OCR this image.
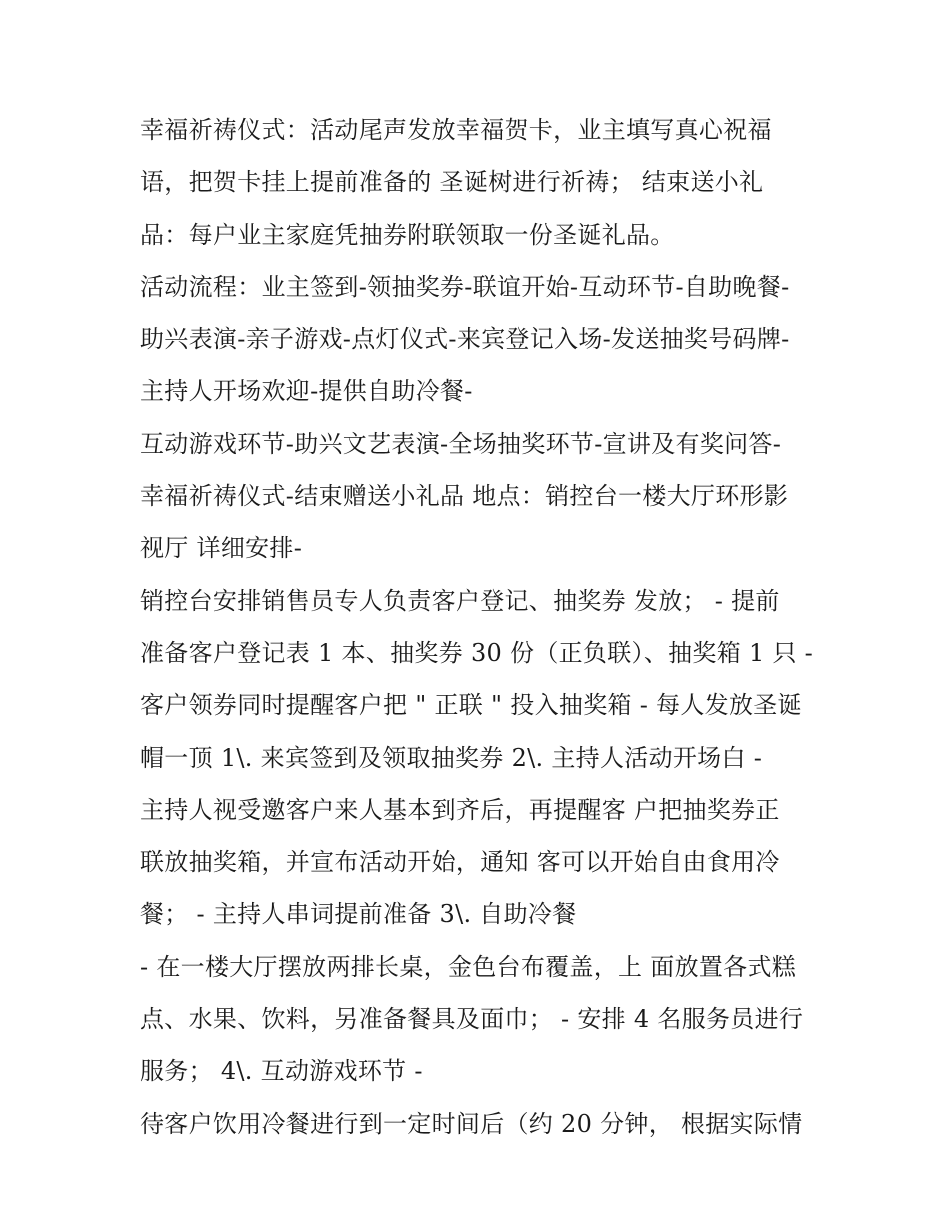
幸福祈祷仪式：活动尾声发放幸福贺卡，业主填写真心祝福
语，把贺卡挂上提前准备的 圣诞树进行祈祷； 结束送小礼
品：每户业主家庭凭抽券附联领取一份圣诞礼品。
活动流程：业主签到-领抽奖券-联谊开始-互动环节-自助晚餐-
助兴表演-亲子游戏-点灯仪式-来宾登记入场-发送抽奖号码牌-
主持人开场欢迎-提供自助冷餐-
互动游戏环节-助兴文艺表演-全场抽奖环节-宣讲及有奖问答-
幸福祈祷仪式-结束赠送小礼品 地点：销控台一楼大厅环形影
视厅 详细安排-
销控台安排销售员专人负责客户登记、抽奖券 发放； - 提前
准备客户登记表 1 本、抽奖券 30 份（正负联）、抽奖箱 1 只 -
客户领券同时提醒客户把 " 正联 " 投入抽奖箱 - 每人发放圣诞
帽一顶 1\. 来宾签到及领取抽奖券 2\. 主持人活动开场白 -
主持人视受邀客户来人基本到齐后，再提醒客 户把抽奖券正
联放抽奖箱，并宣布活动开始，通知 客可以开始自由食用冷
餐； - 主持人串词提前准备 3\. 自助冷餐
- 在一楼大厅摆放两排长桌，金色台布覆盖，上 面放置各式糕
点、水果、饮料，另准备餐具及面巾； - 安排 4 名服务员进行
服务； 4\. 互动游戏环节 -
待客户饮用冷餐进行到一定时间后（约 20 分钟， 根据实际情
